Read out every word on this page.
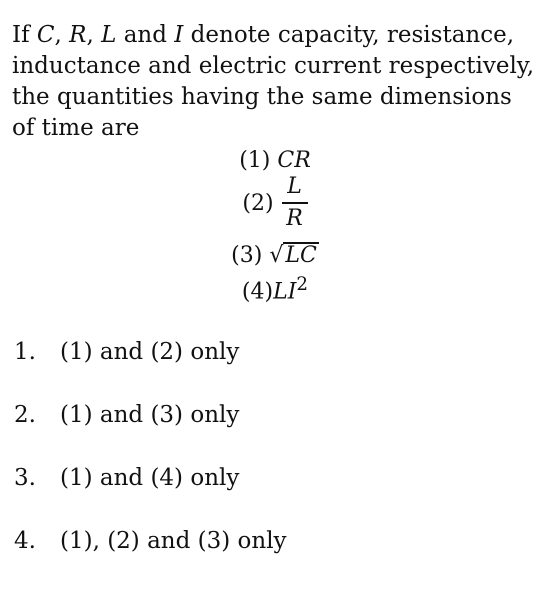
If C, R, L and I denote capacity, resistance, inductance and electric current respectively, the quantities having the same dimensions of time are
(1) CR
$(2) \frac{L}{R}$
(3) √LC
$(4)LI^2$
1. (1) and (2) only
2. (1) and (3) only
3. (1) and (4) only
4. (1), (2) and (3) only
